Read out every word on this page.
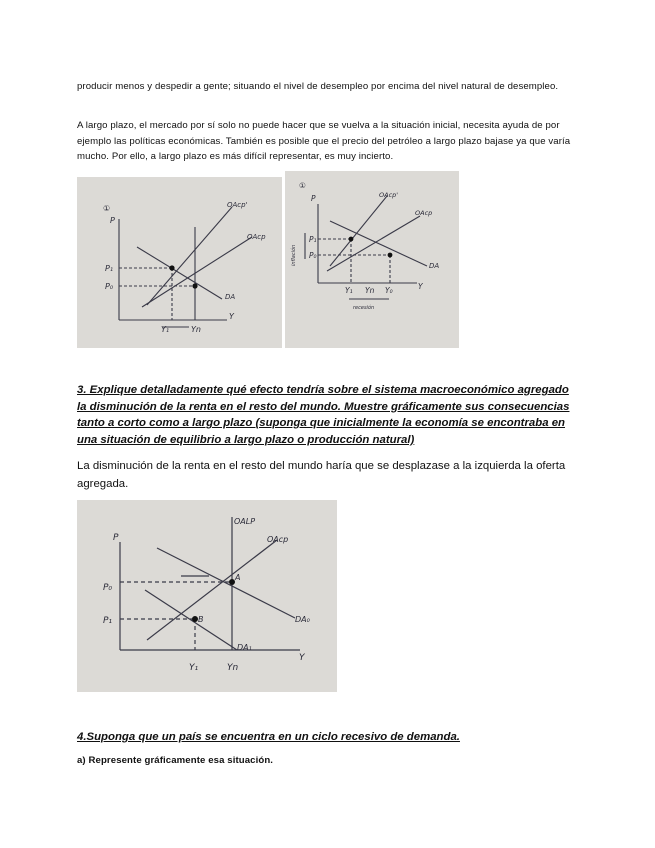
producir menos y despedir a gente; situando el nivel de desempleo por encima del nivel natural de desempleo.

A largo plazo, el mercado por sí solo no puede hacer que se vuelva a la situación inicial, necesita ayuda de por ejemplo las políticas económicas. También es posible que el precio del petróleo a largo plazo bajase ya que varía mucho. Por ello, a largo plazo es más difícil representar, es muy incierto.

①
P
Y
P₁
P₀
Y₁	Yn
OAcp'
OAcp
DA
①
P
Y
P₁
P₀
inflación
Y₁ Yn Y₀
recesión
OAcp'
OAcp
DA

3. Explique detalladamente qué efecto tendría sobre el sistema macroeconómico agregado la disminución de la renta en el resto del mundo. Muestre gráficamente sus consecuencias tanto a corto como a largo plazo (suponga que inicialmente la economía se encontraba en una situación de equilibrio a largo plazo o producción natural)

La disminución de la renta en el resto del mundo haría que se desplazase a la izquierda la oferta agregada.

P
Y
P₀
P₁
Y₁	Yn
OALP
OAcp
DA₀
DA₁
A
B

4.Suponga que un país se encuentra en un ciclo recesivo de demanda.

a) Represente gráficamente esa situación.
